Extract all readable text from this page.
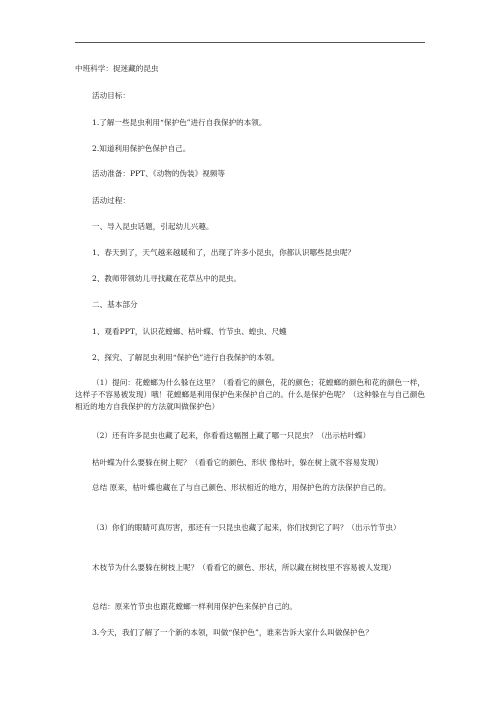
中班科学：捉迷藏的昆虫
活动目标：
1.了解一些昆虫利用“保护色”进行自我保护的本领。
2.知道利用保护色保护自己。
活动准备：PPT、《动物的伪装》视频等
活动过程：
一、导入昆虫话题，引起幼儿兴趣。
1、春天到了，天气越来越暖和了，出现了许多小昆虫，你都认识哪些昆虫呢？
2、教师带领幼儿寻找藏在花草丛中的昆虫。
二、基本部分
1、观看PPT，认识花螳螂、枯叶蝶、竹节虫、蝗虫、尺蠖
2、探究、了解昆虫利用“保护色”进行自我保护的本领。
（1）提问：花螳螂为什么躲在这里？（看看它的颜色，花的颜色；花螳螂的颜色和花的颜色一样，这样子不容易被发现）哦！花螳螂是利用保护色来保护自己的。什么是保护色呢？（这种躲在与自己颜色相近的地方自我保护的方法就叫做保护色）
（2）还有许多昆虫也藏了起来，你看看这幅图上藏了哪一只昆虫？（出示枯叶蝶）
枯叶蝶为什么要躲在树上呢？（看看它的颜色、形状 像枯叶，躲在树上就不容易发现）
总结 原来，枯叶蝶也藏在了与自己颜色、形状相近的地方，用保护色的方法保护自己的。
（3）你们的眼睛可真厉害，那还有一只昆虫也藏了起来，你们找到它了吗？（出示竹节虫）
木枝节为什么要躲在树枝上呢？（看看它的颜色、形状，所以藏在树枝里不容易被人发现）
总结：原来竹节虫也跟花螳螂一样利用保护色来保护自己的。
3.今天，我们了解了一个新的本领，叫做“保护色”，谁来告诉大家什么叫做保护色？
